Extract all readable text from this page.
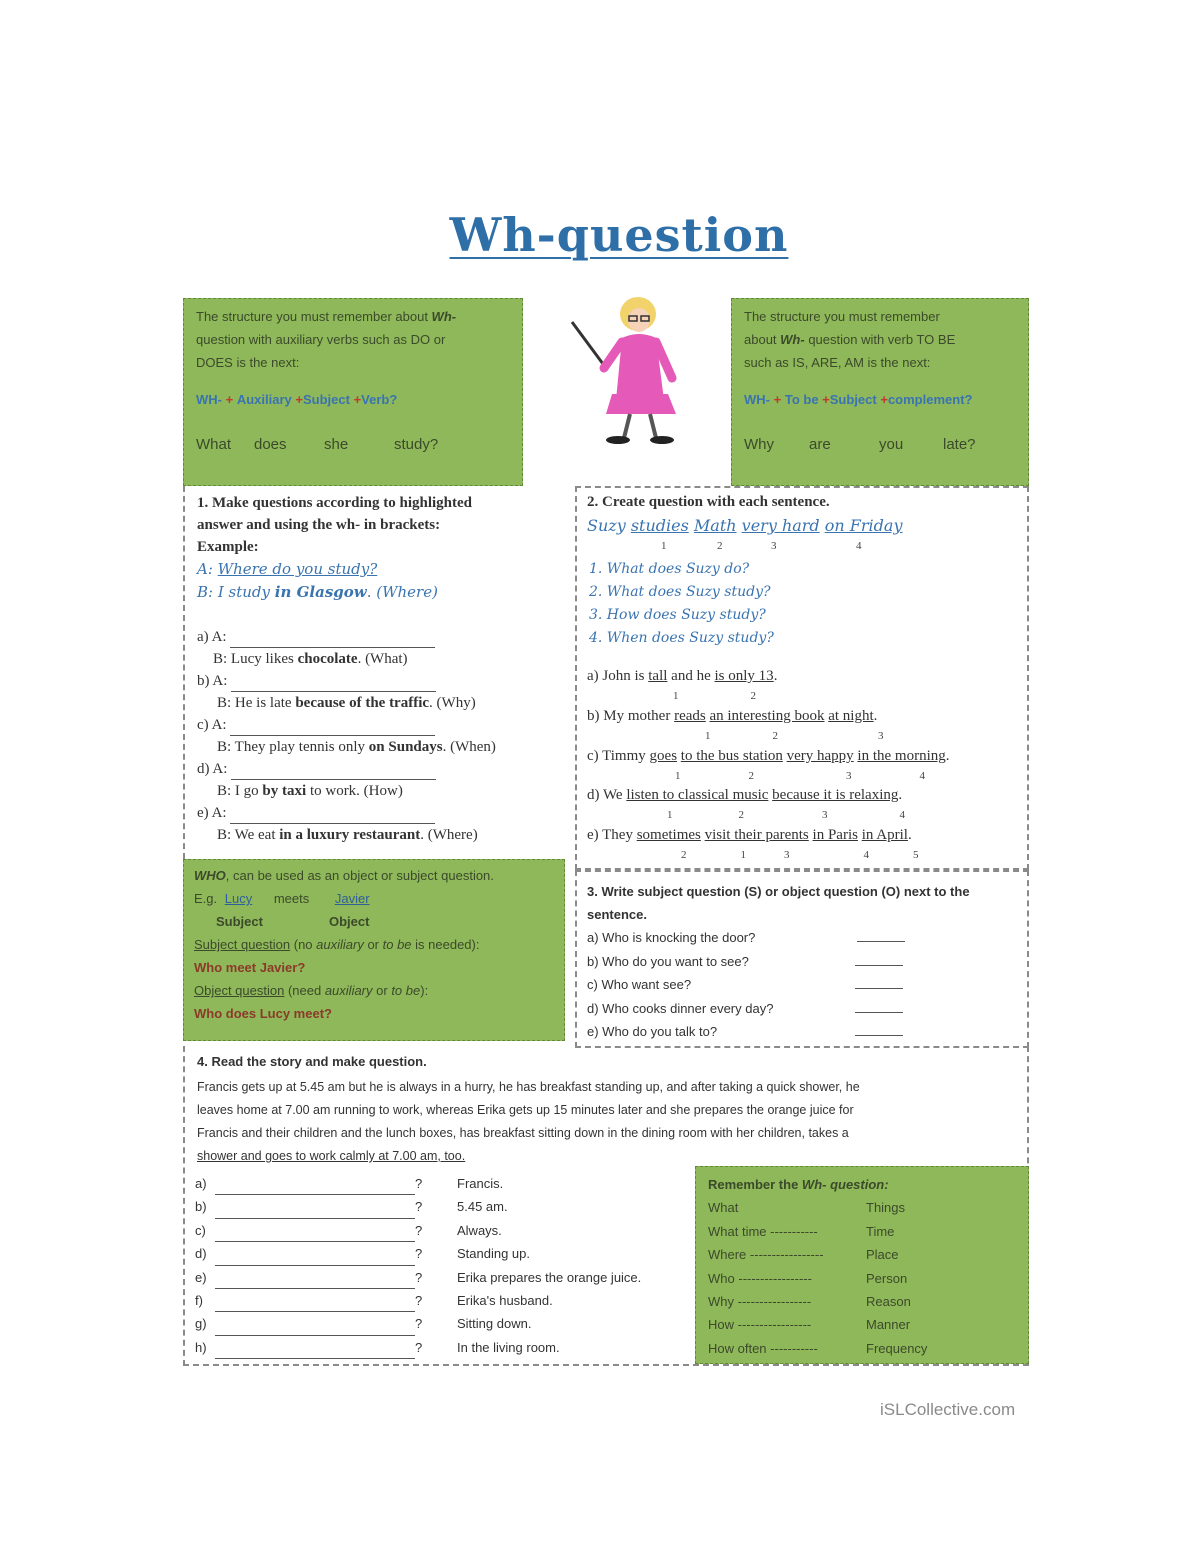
Wh-question
The structure you must remember about Wh-
question with auxiliary verbs such as DO or
DOES is the next:
WH- + Auxiliary +Subject +Verb?
What does she	study?
The structure you must remember
about Wh- question with verb TO BE
such as IS, ARE, AM is the next:
WH- + To be +Subject +complement?
Why are	you	late?
1. Make questions according to highlighted
answer and using the wh- in brackets:
Example:
A: Where do you study?
B: I study in Glasgow. (Where)
a) A:
B: Lucy likes chocolate. (What)
b) A:
B: He is late because of the traffic. (Why)
c) A:
B: They play tennis only on Sundays. (When)
d) A:
B: I go by taxi to work. (How)
e) A:
B: We eat in a luxury restaurant. (Where)
2. Create question with each sentence.
Suzy studies Math very hard on Friday
1	2	3	4
1. What does Suzy do?
2. What does Suzy study?
3. How does Suzy study?
4. When does Suzy study?
a) John is tall and he is only 13.
1	2
b) My mother reads an interesting book at night.
1	2	3
c) Timmy goes to the bus station very happy in the morning.
1	2	3	4
d) We listen to classical music because it is relaxing.
1	2	3	4
e) They sometimes visit their parents in Paris in April.
2	1	3	4	5
WHO, can be used as an object or subject question.
E.g. Lucy meets Javier
Subject	Object
Subject question (no auxiliary or to be is needed):
Who meet Javier?
Object question (need auxiliary or to be):
Who does Lucy meet?
3. Write subject question (S) or object question (O) next to the
sentence.
a) Who is knocking the door?
b) Who do you want to see?
c) Who want see?
d) Who cooks dinner every day?
e) Who do you talk to?
4. Read the story and make question.
Francis gets up at 5.45 am but he is always in a hurry, he has breakfast standing up, and after taking a quick shower, he
leaves home at 7.00 am running to work, whereas Erika gets up 15 minutes later and she prepares the orange juice for
Francis and their children and the lunch boxes, has breakfast sitting down in the dining room with her children, takes a
shower and goes to work calmly at 7.00 am, too.
a)	?	Francis.
b)	?	5.45 am.
c)	?	Always.
d)	?	Standing up.
e)	?	Erika prepares the orange juice.
f)	?	Erika's husband.
g)	?	Sitting down.
h)	?	In the living room.
Remember the Wh- question:
What	Things
What time -----------	Time
Where -----------------	Place
Who -----------------	Person
Why -----------------	Reason
How -----------------	Manner
How often -----------	Frequency
iSLCollective.com
